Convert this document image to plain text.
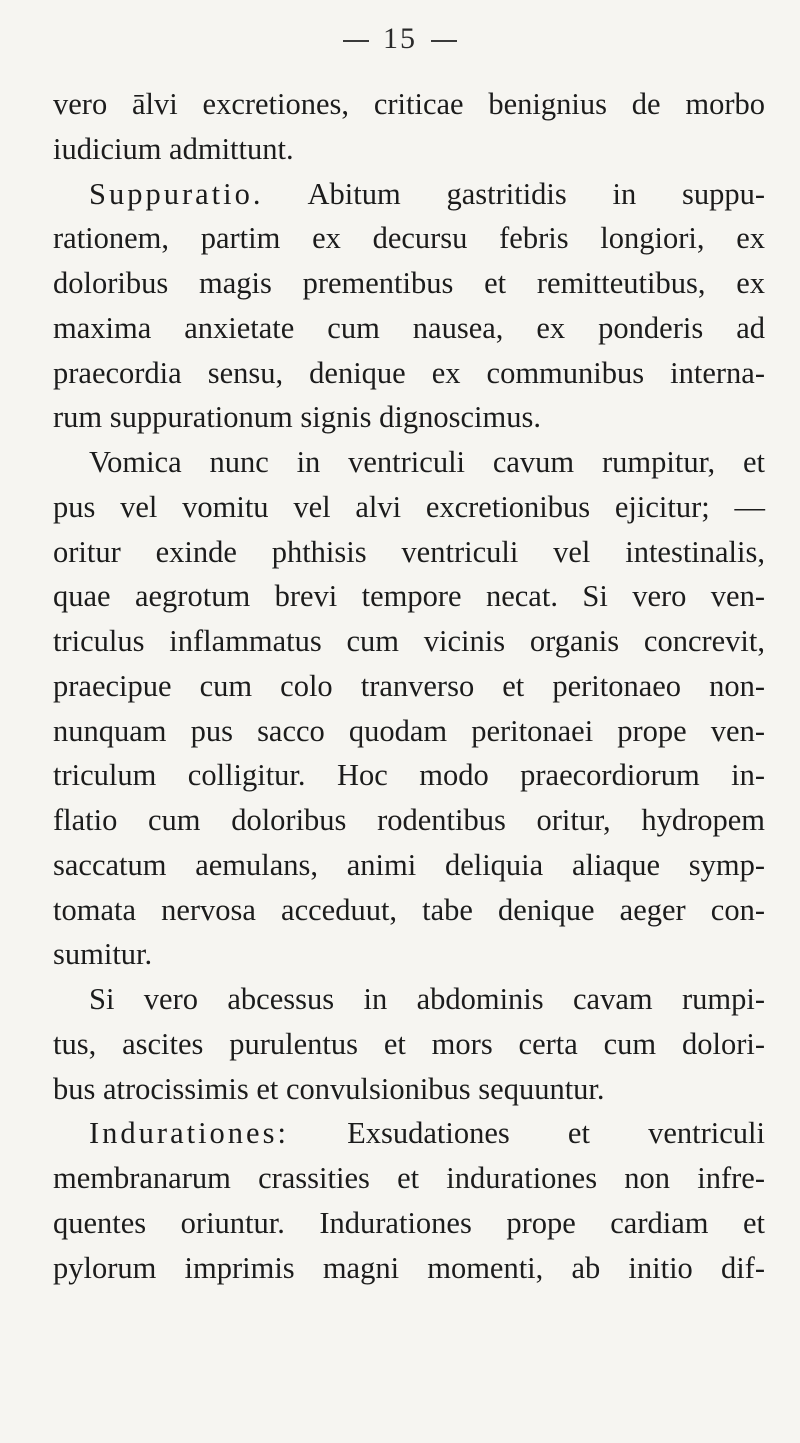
15
vero ālvi excretiones, criticae benignius de morbo
iudicium admittunt.
Suppuratio. Abitum gastritidis in suppu-
rationem, partim ex decursu febris longiori, ex
doloribus magis prementibus et remitteutibus, ex
maxima anxietate cum nausea, ex ponderis ad
praecordia sensu, denique ex communibus interna-
rum suppurationum signis dignoscimus.
Vomica nunc in ventriculi cavum rumpitur, et
pus vel vomitu vel alvi excretionibus ejicitur; —
oritur exinde phthisis ventriculi vel intestinalis,
quae aegrotum brevi tempore necat. Si vero ven-
triculus inflammatus cum vicinis organis concrevit,
praecipue cum colo tranverso et peritonaeo non-
nunquam pus sacco quodam peritonaei prope ven-
triculum colligitur. Hoc modo praecordiorum in-
flatio cum doloribus rodentibus oritur, hydropem
saccatum aemulans, animi deliquia aliaque symp-
tomata nervosa acceduut, tabe denique aeger con-
sumitur.
Si vero abcessus in abdominis cavam rumpi-
tus, ascites purulentus et mors certa cum dolori-
bus atrocissimis et convulsionibus sequuntur.
Indurationes: Exsudationes et ventriculi
membranarum crassities et indurationes non infre-
quentes oriuntur. Indurationes prope cardiam et
pylorum imprimis magni momenti, ab initio dif-
